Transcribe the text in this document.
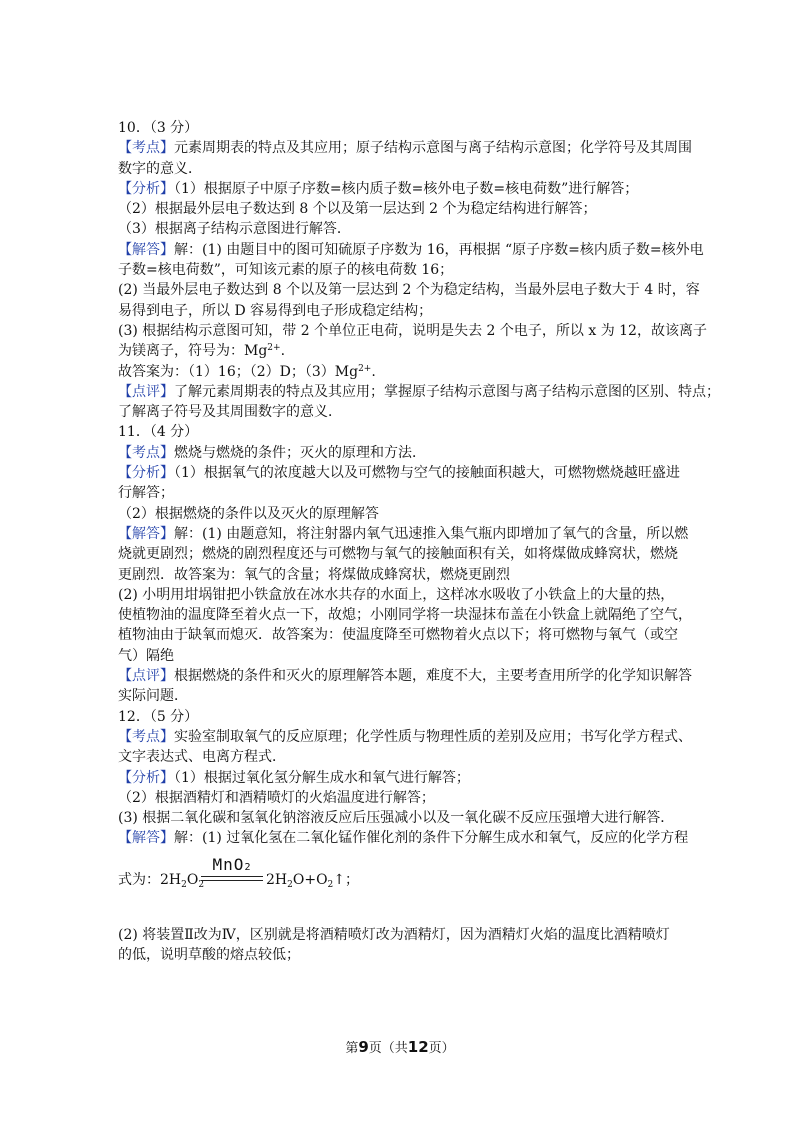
10．（3 分）

【考点】元素周期表的特点及其应用；原子结构示意图与离子结构示意图；化学符号及其周围

数字的意义．

【分析】（1）根据原子中原子序数=核内质子数=核外电子数=核电荷数”进行解答；

（2）根据最外层电子数达到 8 个以及第一层达到 2 个为稳定结构进行解答；

（3）根据离子结构示意图进行解答．

【解答】解：(1) 由题目中的图可知硫原子序数为 16，再根据 “原子序数=核内质子数=核外电

子数=核电荷数”，可知该元素的原子的核电荷数 16；

(2) 当最外层电子数达到 8 个以及第一层达到 2 个为稳定结构，当最外层电子数大于 4 时，容

易得到电子，所以 D 容易得到电子形成稳定结构；

(3) 根据结构示意图可知，带 2 个单位正电荷，说明是失去 2 个电子，所以 x 为 12，故该离子

为镁离子，符号为：$Mg^{2+}$.

故答案为：（1）16；（2）D；$(3)Mg^{2+}$.

【点评】了解元素周期表的特点及其应用；掌握原子结构示意图与离子结构示意图的区别、特点；

了解离子符号及其周围数字的意义．

11．（4 分）

【考点】燃烧与燃烧的条件；灭火的原理和方法．

【分析】（1）根据氧气的浓度越大以及可燃物与空气的接触面积越大，可燃物燃烧越旺盛进

行解答；

（2）根据燃烧的条件以及灭火的原理解答

【解答】解：(1) 由题意知，将注射器内氧气迅速推入集气瓶内即增加了氧气的含量，所以燃

烧就更剧烈；燃烧的剧烈程度还与可燃物与氧气的接触面积有关，如将煤做成蜂窝状，燃烧

更剧烈．故答案为：氧气的含量；将煤做成蜂窝状，燃烧更剧烈

(2) 小明用坩埚钳把小铁盒放在冰水共存的水面上，这样冰水吸收了小铁盒上的大量的热，

使植物油的温度降至着火点一下，故熄；小刚同学将一块湿抹布盖在小铁盒上就隔绝了空气，

植物油由于缺氧而熄灭．故答案为：使温度降至可燃物着火点以下；将可燃物与氧气（或空

气）隔绝

【点评】根据燃烧的条件和灭火的原理解答本题，难度不大，主要考查用所学的化学知识解答

实际问题．

12．（5 分）

【考点】实验室制取氧气的反应原理；化学性质与物理性质的差别及应用；书写化学方程式、

文字表达式、电离方程式．

【分析】（1）根据过氧化氢分解生成水和氧气进行解答；

（2）根据酒精灯和酒精喷灯的火焰温度进行解答；

(3) 根据二氧化碳和氢氧化钠溶液反应后压强减小以及一氧化碳不反应压强增大进行解答．

【解答】解：(1) 过氧化氢在二氧化锰作催化剂的条件下分解生成水和氧气，反应的化学方程

式为：$2H_2O_2$
MnO2
$2H_2O+O_2↑$；

(2) 将装置Ⅱ改为Ⅳ，区别就是将酒精喷灯改为酒精灯，因为酒精灯火焰的温度比酒精喷灯

的低，说明草酸的熔点较低；

第9页（共12页）
